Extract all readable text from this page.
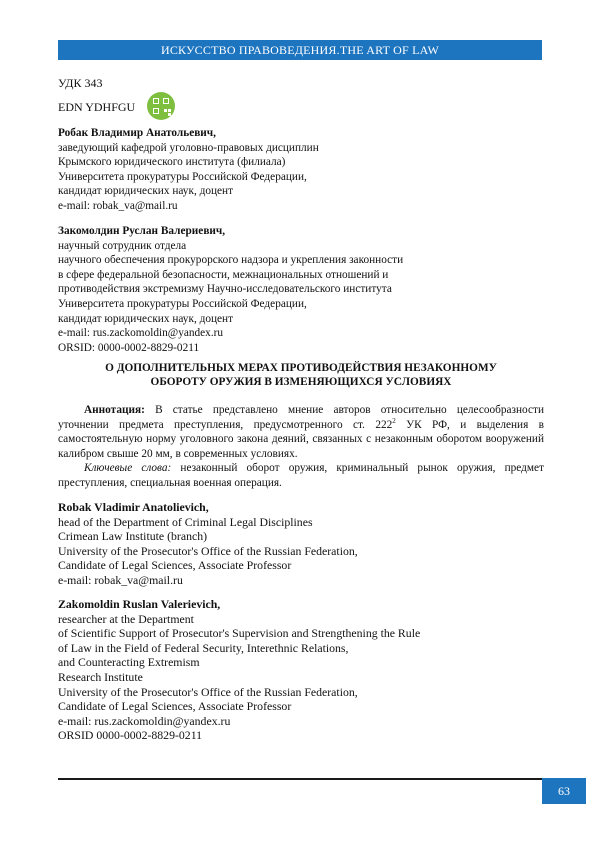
ИСКУССТВО ПРАВОВЕДЕНИЯ.THE ART OF LAW
УДК 343
EDN YDHFGU
Робак Владимир Анатольевич,
заведующий кафедрой уголовно-правовых дисциплин
Крымского юридического института (филиала)
Университета прокуратуры Российской Федерации,
кандидат юридических наук, доцент
e-mail: robak_va@mail.ru
Закомолдин Руслан Валериевич,
научный сотрудник отдела
научного обеспечения прокурорского надзора и укрепления законности
в сфере федеральной безопасности, межнациональных отношений и
противодействия экстремизму Научно-исследовательского института
Университета прокуратуры Российской Федерации,
кандидат юридических наук, доцент
e-mail: rus.zackomoldin@yandex.ru
ORSID: 0000-0002-8829-0211
О ДОПОЛНИТЕЛЬНЫХ МЕРАХ ПРОТИВОДЕЙСТВИЯ НЕЗАКОННОМУ
ОБОРОТУ ОРУЖИЯ В ИЗМЕНЯЮЩИХСЯ УСЛОВИЯХ

Аннотация: В статье представлено мнение авторов относительно целесообразности уточнении предмета преступления, предусмотренного ст. $222^2$ УК РФ, и выделения в самостоятельную норму уголовного закона деяний, связанных с незаконным оборотом вооружений калибром свыше 20 мм, в современных условиях.

Ключевые слова: незаконный оборот оружия, криминальный рынок оружия, предмет преступления, специальная военная операция.

Robak Vladimir Anatolievich,
head of the Department of Criminal Legal Disciplines
Crimean Law Institute (branch)
University of the Prosecutor's Office of the Russian Federation,
Candidate of Legal Sciences, Associate Professor
e-mail: robak_va@mail.ru
Zakomoldin Ruslan Valerievich,
researcher at the Department
of Scientific Support of Prosecutor's Supervision and Strengthening the Rule
of Law in the Field of Federal Security, Interethnic Relations,
and Counteracting Extremism
Research Institute
University of the Prosecutor's Office of the Russian Federation,
Candidate of Legal Sciences, Associate Professor
e-mail: rus.zackomoldin@yandex.ru
ORSID 0000-0002-8829-0211
63
